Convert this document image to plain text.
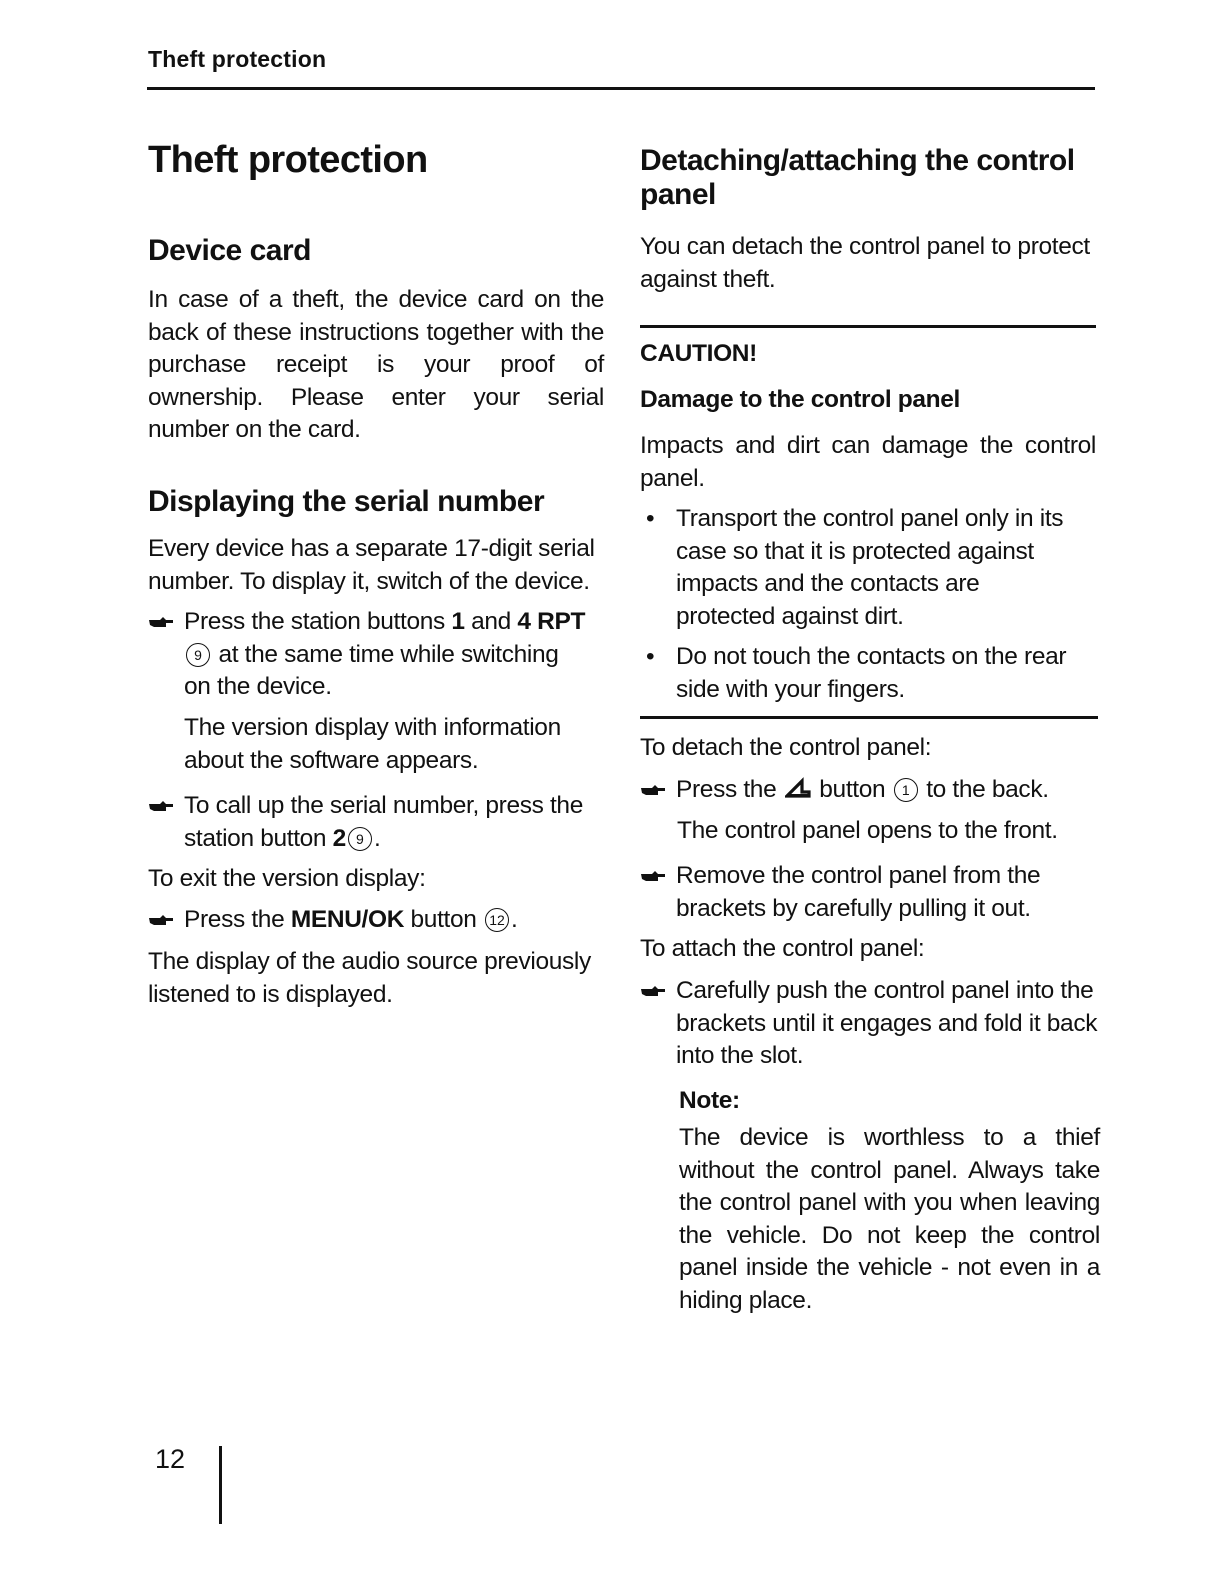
Theft protection
Theft protection
Device card
In case of a theft, the device card on the back of these instructions together with the purchase receipt is your proof of ownership. Please enter your serial number on the card.
Displaying the serial number
Every device has a separate 17-digit serial number. To display it, switch of the device.
Press the station buttons 1 and 4 RPT
9 at the same time while switching on the device.
The version display with information about the software appears.
To call up the serial number, press the station button 2 9 .
To exit the version display:
Press the MENU/OK button 12 .
The display of the audio source previously listened to is displayed.
Detaching/attaching the control panel
You can detach the control panel to protect against theft.
CAUTION!
Damage to the control panel
Impacts and dirt can damage the control panel.
• Transport the control panel only in its case so that it is protected against impacts and the contacts are protected against dirt.
• Do not touch the contacts on the rear side with your fingers.
To detach the control panel:
Press the  button 1 to the back.
The control panel opens to the front.
Remove the control panel from the brackets by carefully pulling it out.
To attach the control panel:
Carefully push the control panel into the brackets until it engages and fold it back into the slot.
Note:
The device is worthless to a thief without the control panel. Always take the control panel with you when leaving the vehicle. Do not keep the control panel inside the vehicle - not even in a hiding place.
12
